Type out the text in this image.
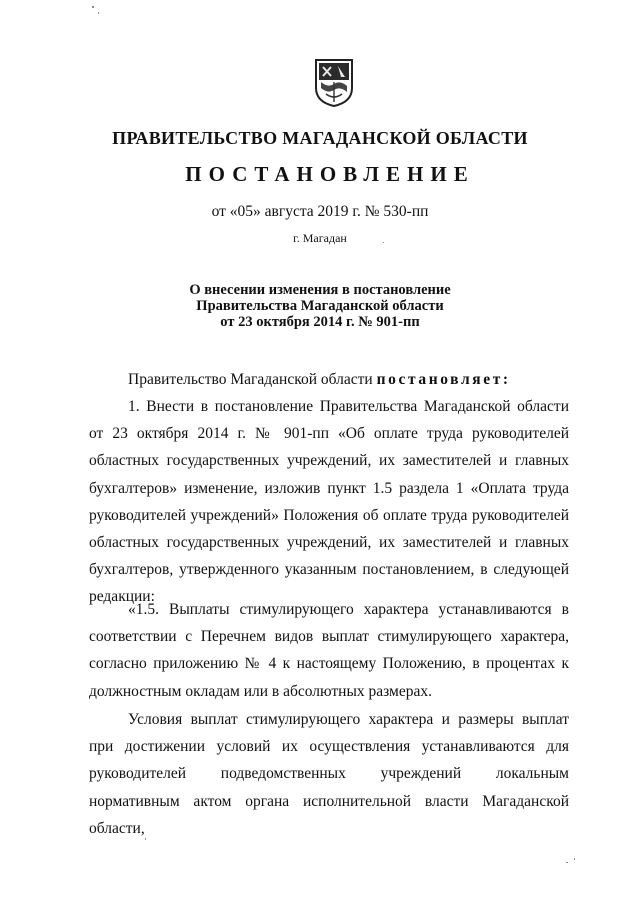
ПРАВИТЕЛЬСТВО МАГАДАНСКОЙ ОБЛАСТИ
ПОСТАНОВЛЕНИЕ
от «05» августа 2019 г. № 530-пп
г. Магадан
О внесении изменения в постановление
Правительства Магаданской области
от 23 октября 2014 г. № 901-пп
Правительство Магаданской области постановляет:
1. Внести в постановление Правительства Магаданской области от 23 октября 2014 г. № 901-пп «Об оплате труда руководителей областных государственных учреждений, их заместителей и главных бухгалтеров» изменение, изложив пункт 1.5 раздела 1 «Оплата труда руководителей учреждений» Положения об оплате труда руководителей областных государственных учреждений, их заместителей и главных бухгалтеров, утвержденного указанным постановлением, в следующей редакции:
«1.5. Выплаты стимулирующего характера устанавливаются в соответствии с Перечнем видов выплат стимулирующего характера, согласно приложению № 4 к настоящему Положению, в процентах к должностным окладам или в абсолютных размерах.
Условия выплат стимулирующего характера и размеры выплат при достижении условий их осуществления устанавливаются для руководителей подведомственных учреждений локальным нормативным актом органа исполнительной власти Магаданской области,
